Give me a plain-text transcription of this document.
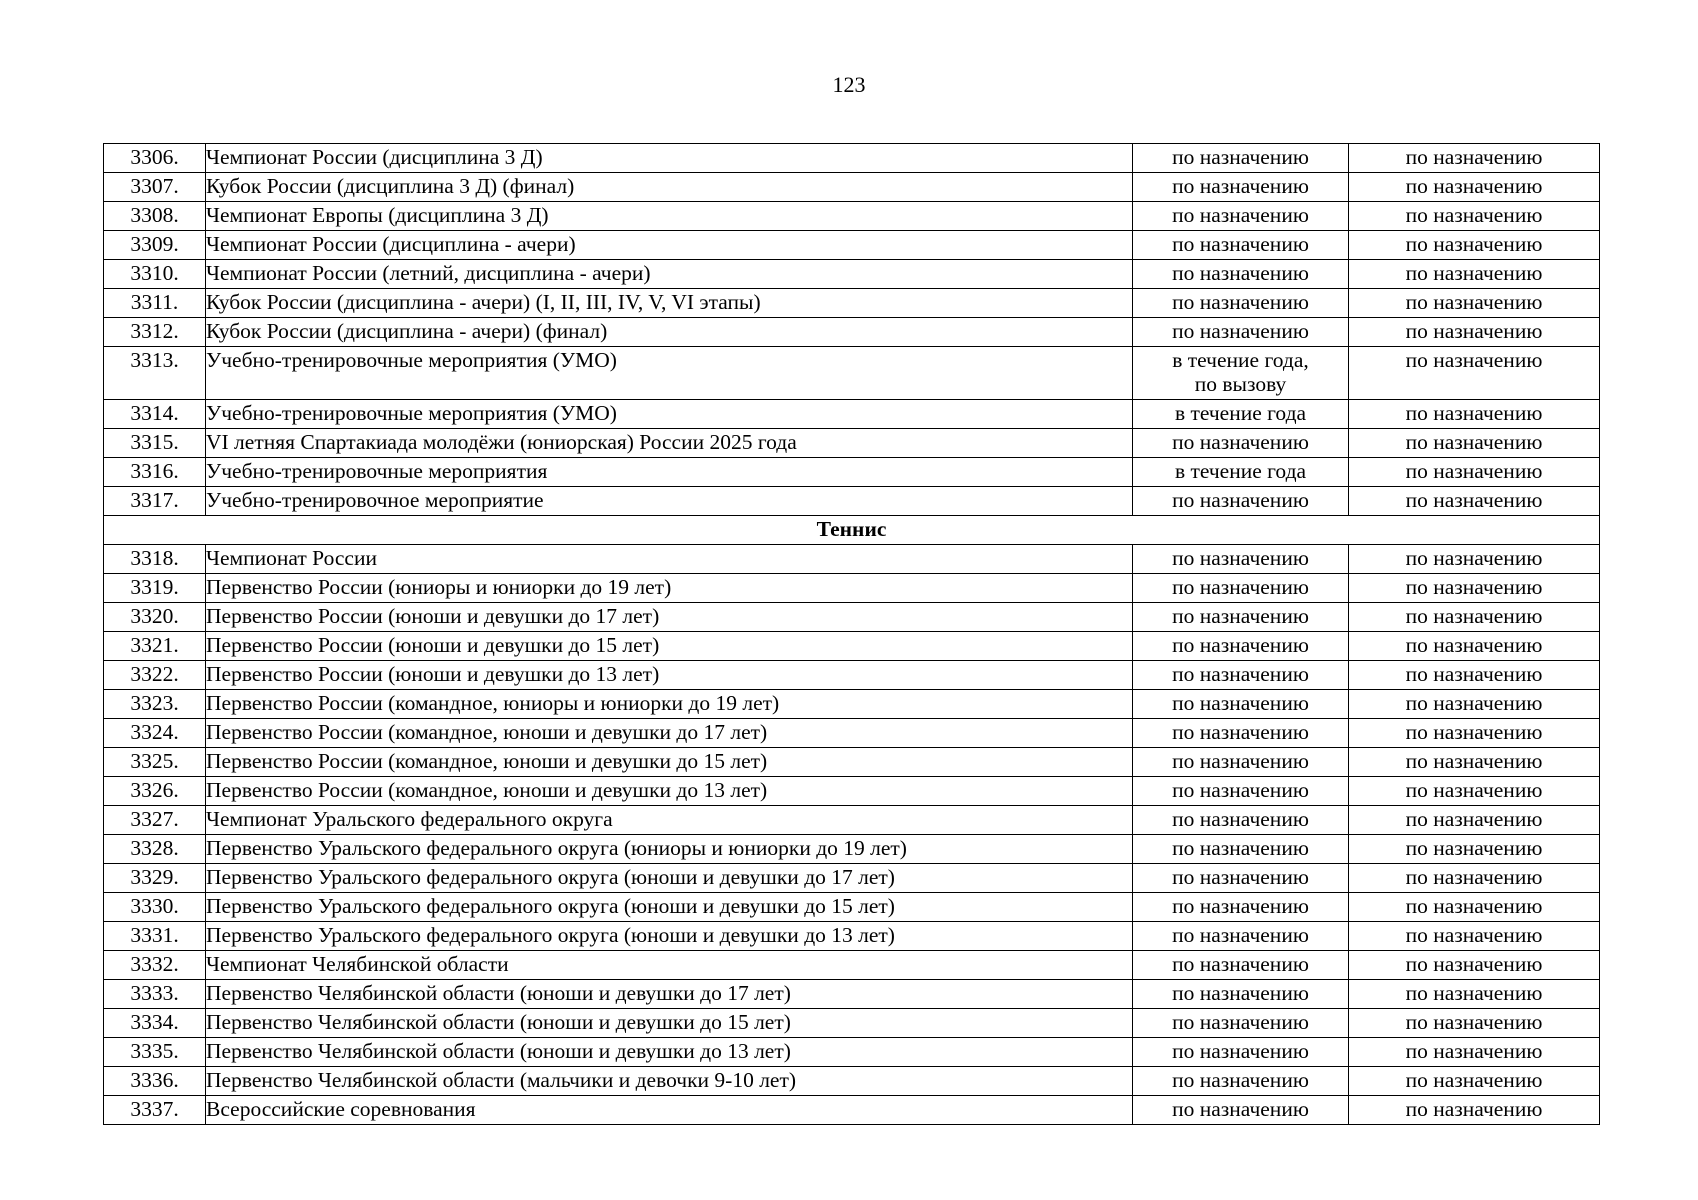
123
3306.	Чемпионат России (дисциплина 3 Д)	по назначению	по назначению
3307.	Кубок России (дисциплина 3 Д) (финал)	по назначению	по назначению
3308.	Чемпионат Европы (дисциплина 3 Д)	по назначению	по назначению
3309.	Чемпионат России (дисциплина - ачери)	по назначению	по назначению
3310.	Чемпионат России (летний, дисциплина - ачери)	по назначению	по назначению
3311.	Кубок России (дисциплина - ачери) (I, II, III, IV, V, VI этапы)	по назначению	по назначению
3312.	Кубок России (дисциплина - ачери) (финал)	по назначению	по назначению
3313.	Учебно-тренировочные мероприятия (УМО)	в течение года,
по вызову	по назначению
3314.	Учебно-тренировочные мероприятия (УМО)	в течение года	по назначению
3315.	VI летняя Спартакиада молодёжи (юниорская) России 2025 года	по назначению	по назначению
3316.	Учебно-тренировочные мероприятия	в течение года	по назначению
3317.	Учебно-тренировочное мероприятие	по назначению	по назначению
Теннис			
3318.	Чемпионат России	по назначению	по назначению
3319.	Первенство России (юниоры и юниорки до 19 лет)	по назначению	по назначению
3320.	Первенство России (юноши и девушки до 17 лет)	по назначению	по назначению
3321.	Первенство России (юноши и девушки до 15 лет)	по назначению	по назначению
3322.	Первенство России (юноши и девушки до 13 лет)	по назначению	по назначению
3323.	Первенство России (командное, юниоры и юниорки до 19 лет)	по назначению	по назначению
3324.	Первенство России (командное, юноши и девушки до 17 лет)	по назначению	по назначению
3325.	Первенство России (командное, юноши и девушки до 15 лет)	по назначению	по назначению
3326.	Первенство России (командное, юноши и девушки до 13 лет)	по назначению	по назначению
3327.	Чемпионат Уральского федерального округа	по назначению	по назначению
3328.	Первенство Уральского федерального округа (юниоры и юниорки до 19 лет)	по назначению	по назначению
3329.	Первенство Уральского федерального округа (юноши и девушки до 17 лет)	по назначению	по назначению
3330.	Первенство Уральского федерального округа (юноши и девушки до 15 лет)	по назначению	по назначению
3331.	Первенство Уральского федерального округа (юноши и девушки до 13 лет)	по назначению	по назначению
3332.	Чемпионат Челябинской области	по назначению	по назначению
3333.	Первенство Челябинской области (юноши и девушки до 17 лет)	по назначению	по назначению
3334.	Первенство Челябинской области (юноши и девушки до 15 лет)	по назначению	по назначению
3335.	Первенство Челябинской области (юноши и девушки до 13 лет)	по назначению	по назначению
3336.	Первенство Челябинской области (мальчики и девочки 9-10 лет)	по назначению	по назначению
3337.	Всероссийские соревнования	по назначению	по назначению
